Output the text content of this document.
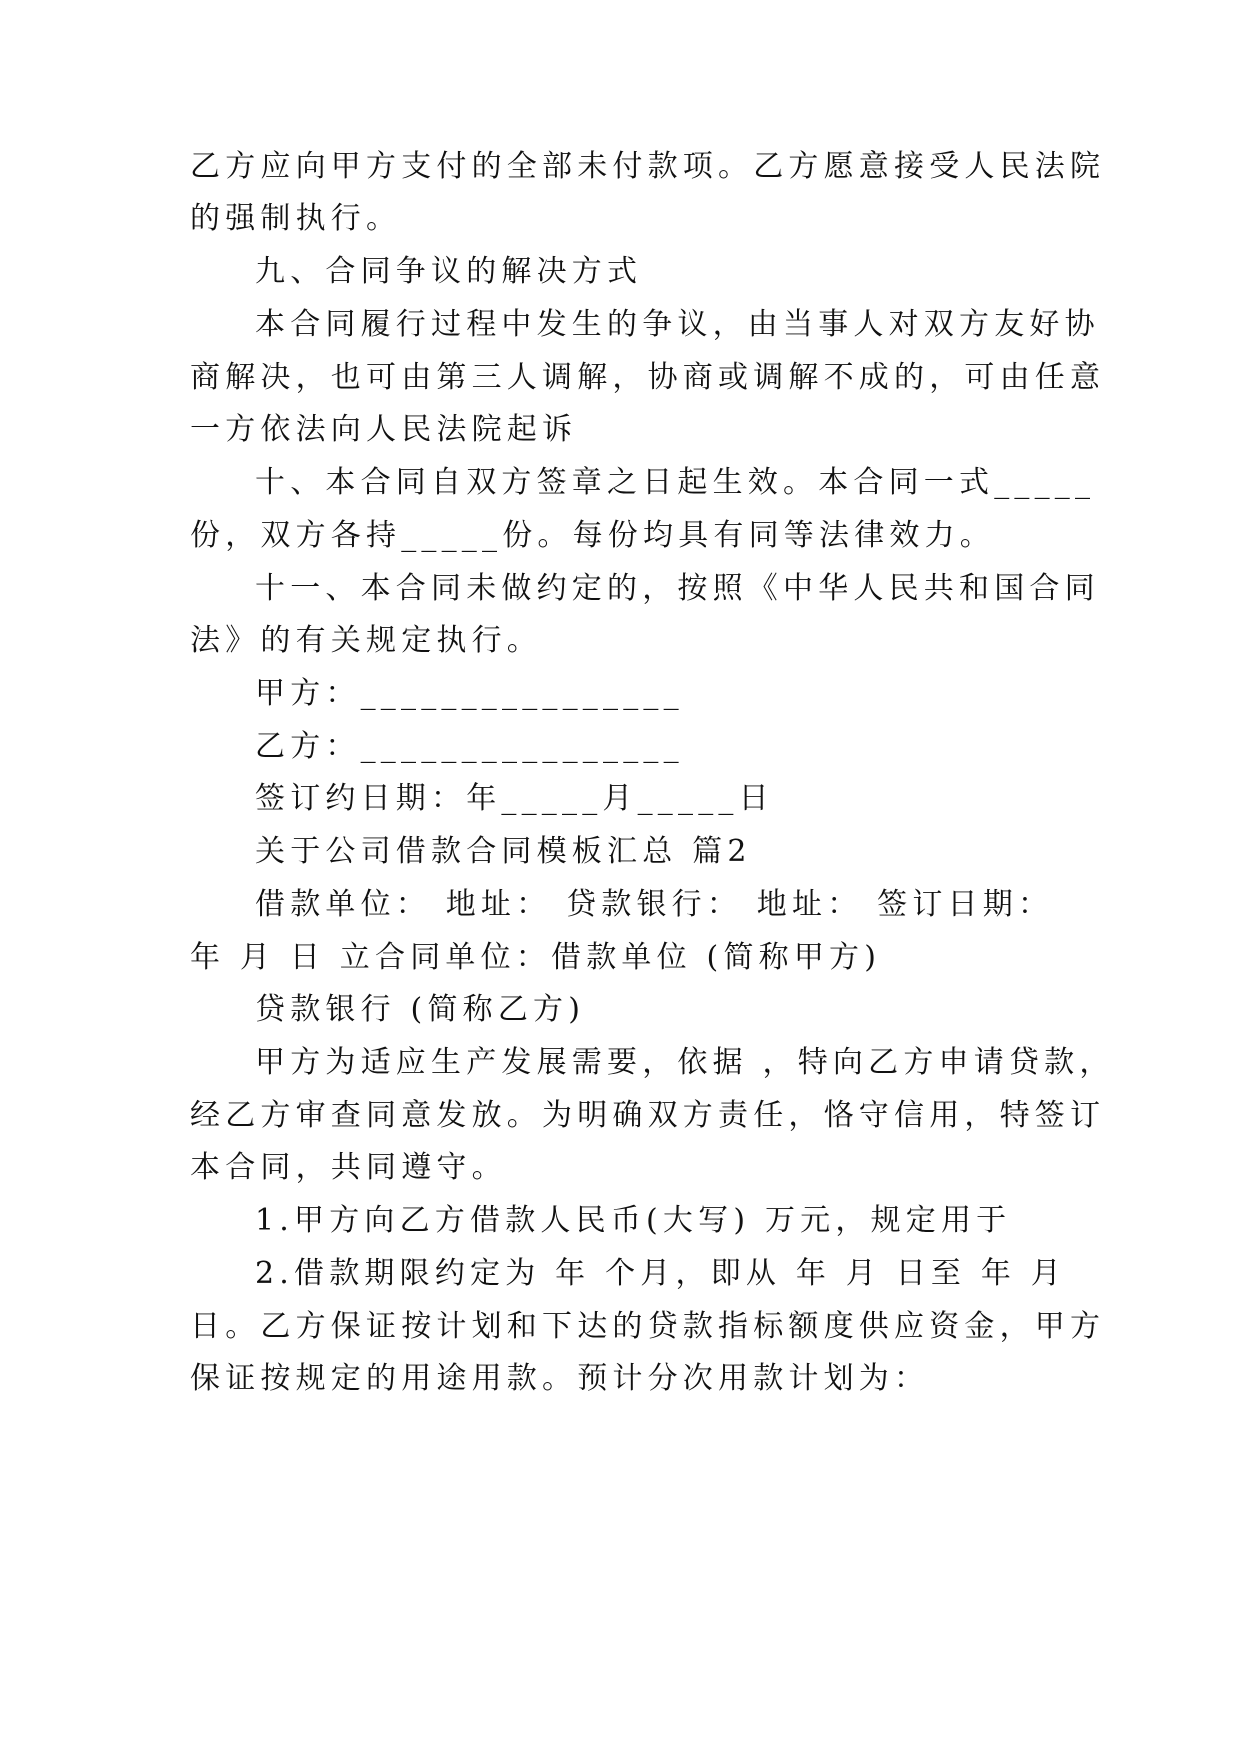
乙方应向甲方支付的全部未付款项。乙方愿意接受人民法院
的强制执行。
九、合同争议的解决方式
本合同履行过程中发生的争议，由当事人对双方友好协
商解决，也可由第三人调解，协商或调解不成的，可由任意
一方依法向人民法院起诉
十、本合同自双方签章之日起生效。本合同一式_____
份，双方各持_____份。每份均具有同等法律效力。
十一、本合同未做约定的，按照《中华人民共和国合同
法》的有关规定执行。
甲方：________________
乙方：________________
签订约日期：年_____月_____日
关于公司借款合同模板汇总 篇2
借款单位： 地址： 贷款银行： 地址： 签订日期：
年 月 日 立合同单位：借款单位 (简称甲方)
贷款银行 (简称乙方)
甲方为适应生产发展需要，依据 ，特向乙方申请贷款，
经乙方审查同意发放。为明确双方责任，恪守信用，特签订
本合同，共同遵守。
1.甲方向乙方借款人民币(大写) 万元，规定用于
2.借款期限约定为 年 个月，即从 年 月 日至 年 月
日。乙方保证按计划和下达的贷款指标额度供应资金，甲方
保证按规定的用途用款。预计分次用款计划为：
